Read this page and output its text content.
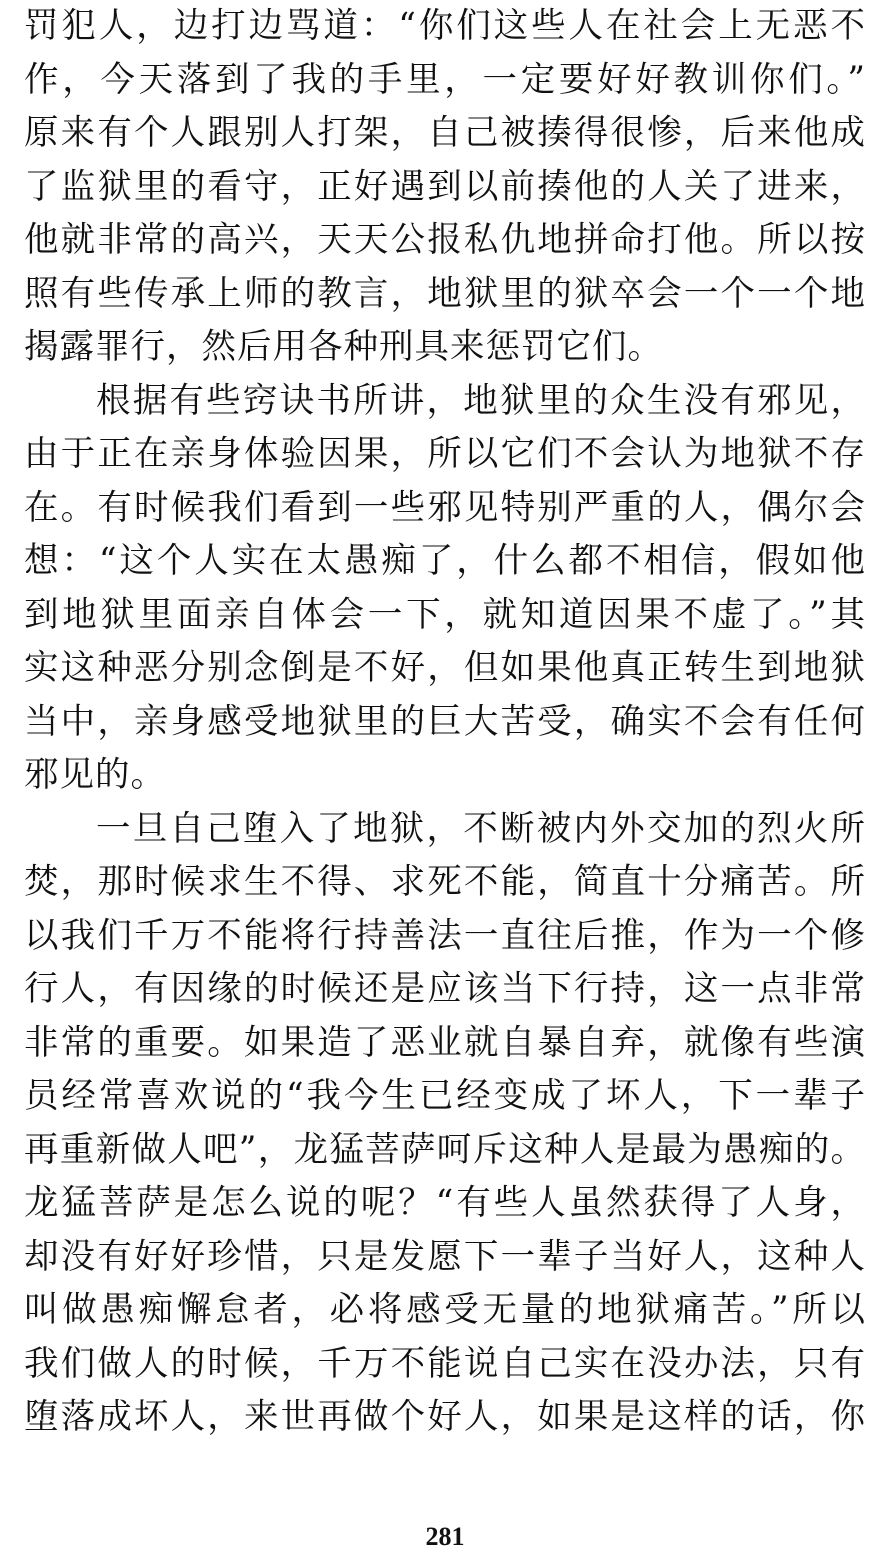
罚犯人，边打边骂道：“你们这些人在社会上无恶不
作，今天落到了我的手里，一定要好好教训你们。”
原来有个人跟别人打架，自己被揍得很惨，后来他成
了监狱里的看守，正好遇到以前揍他的人关了进来，
他就非常的高兴，天天公报私仇地拼命打他。所以按
照有些传承上师的教言，地狱里的狱卒会一个一个地
揭露罪行，然后用各种刑具来惩罚它们。
根据有些窍诀书所讲，地狱里的众生没有邪见，
由于正在亲身体验因果，所以它们不会认为地狱不存
在。有时候我们看到一些邪见特别严重的人，偶尔会
想：“这个人实在太愚痴了，什么都不相信，假如他
到地狱里面亲自体会一下，就知道因果不虚了。”其
实这种恶分别念倒是不好，但如果他真正转生到地狱
当中，亲身感受地狱里的巨大苦受，确实不会有任何
邪见的。
一旦自己堕入了地狱，不断被内外交加的烈火所
焚，那时候求生不得、求死不能，简直十分痛苦。所
以我们千万不能将行持善法一直往后推，作为一个修
行人，有因缘的时候还是应该当下行持，这一点非常
非常的重要。如果造了恶业就自暴自弃，就像有些演
员经常喜欢说的“我今生已经变成了坏人，下一辈子
再重新做人吧”，龙猛菩萨呵斥这种人是最为愚痴的。
龙猛菩萨是怎么说的呢？“有些人虽然获得了人身，
却没有好好珍惜，只是发愿下一辈子当好人，这种人
叫做愚痴懈怠者，必将感受无量的地狱痛苦。”所以
我们做人的时候，千万不能说自己实在没办法，只有
堕落成坏人，来世再做个好人，如果是这样的话，你
281
